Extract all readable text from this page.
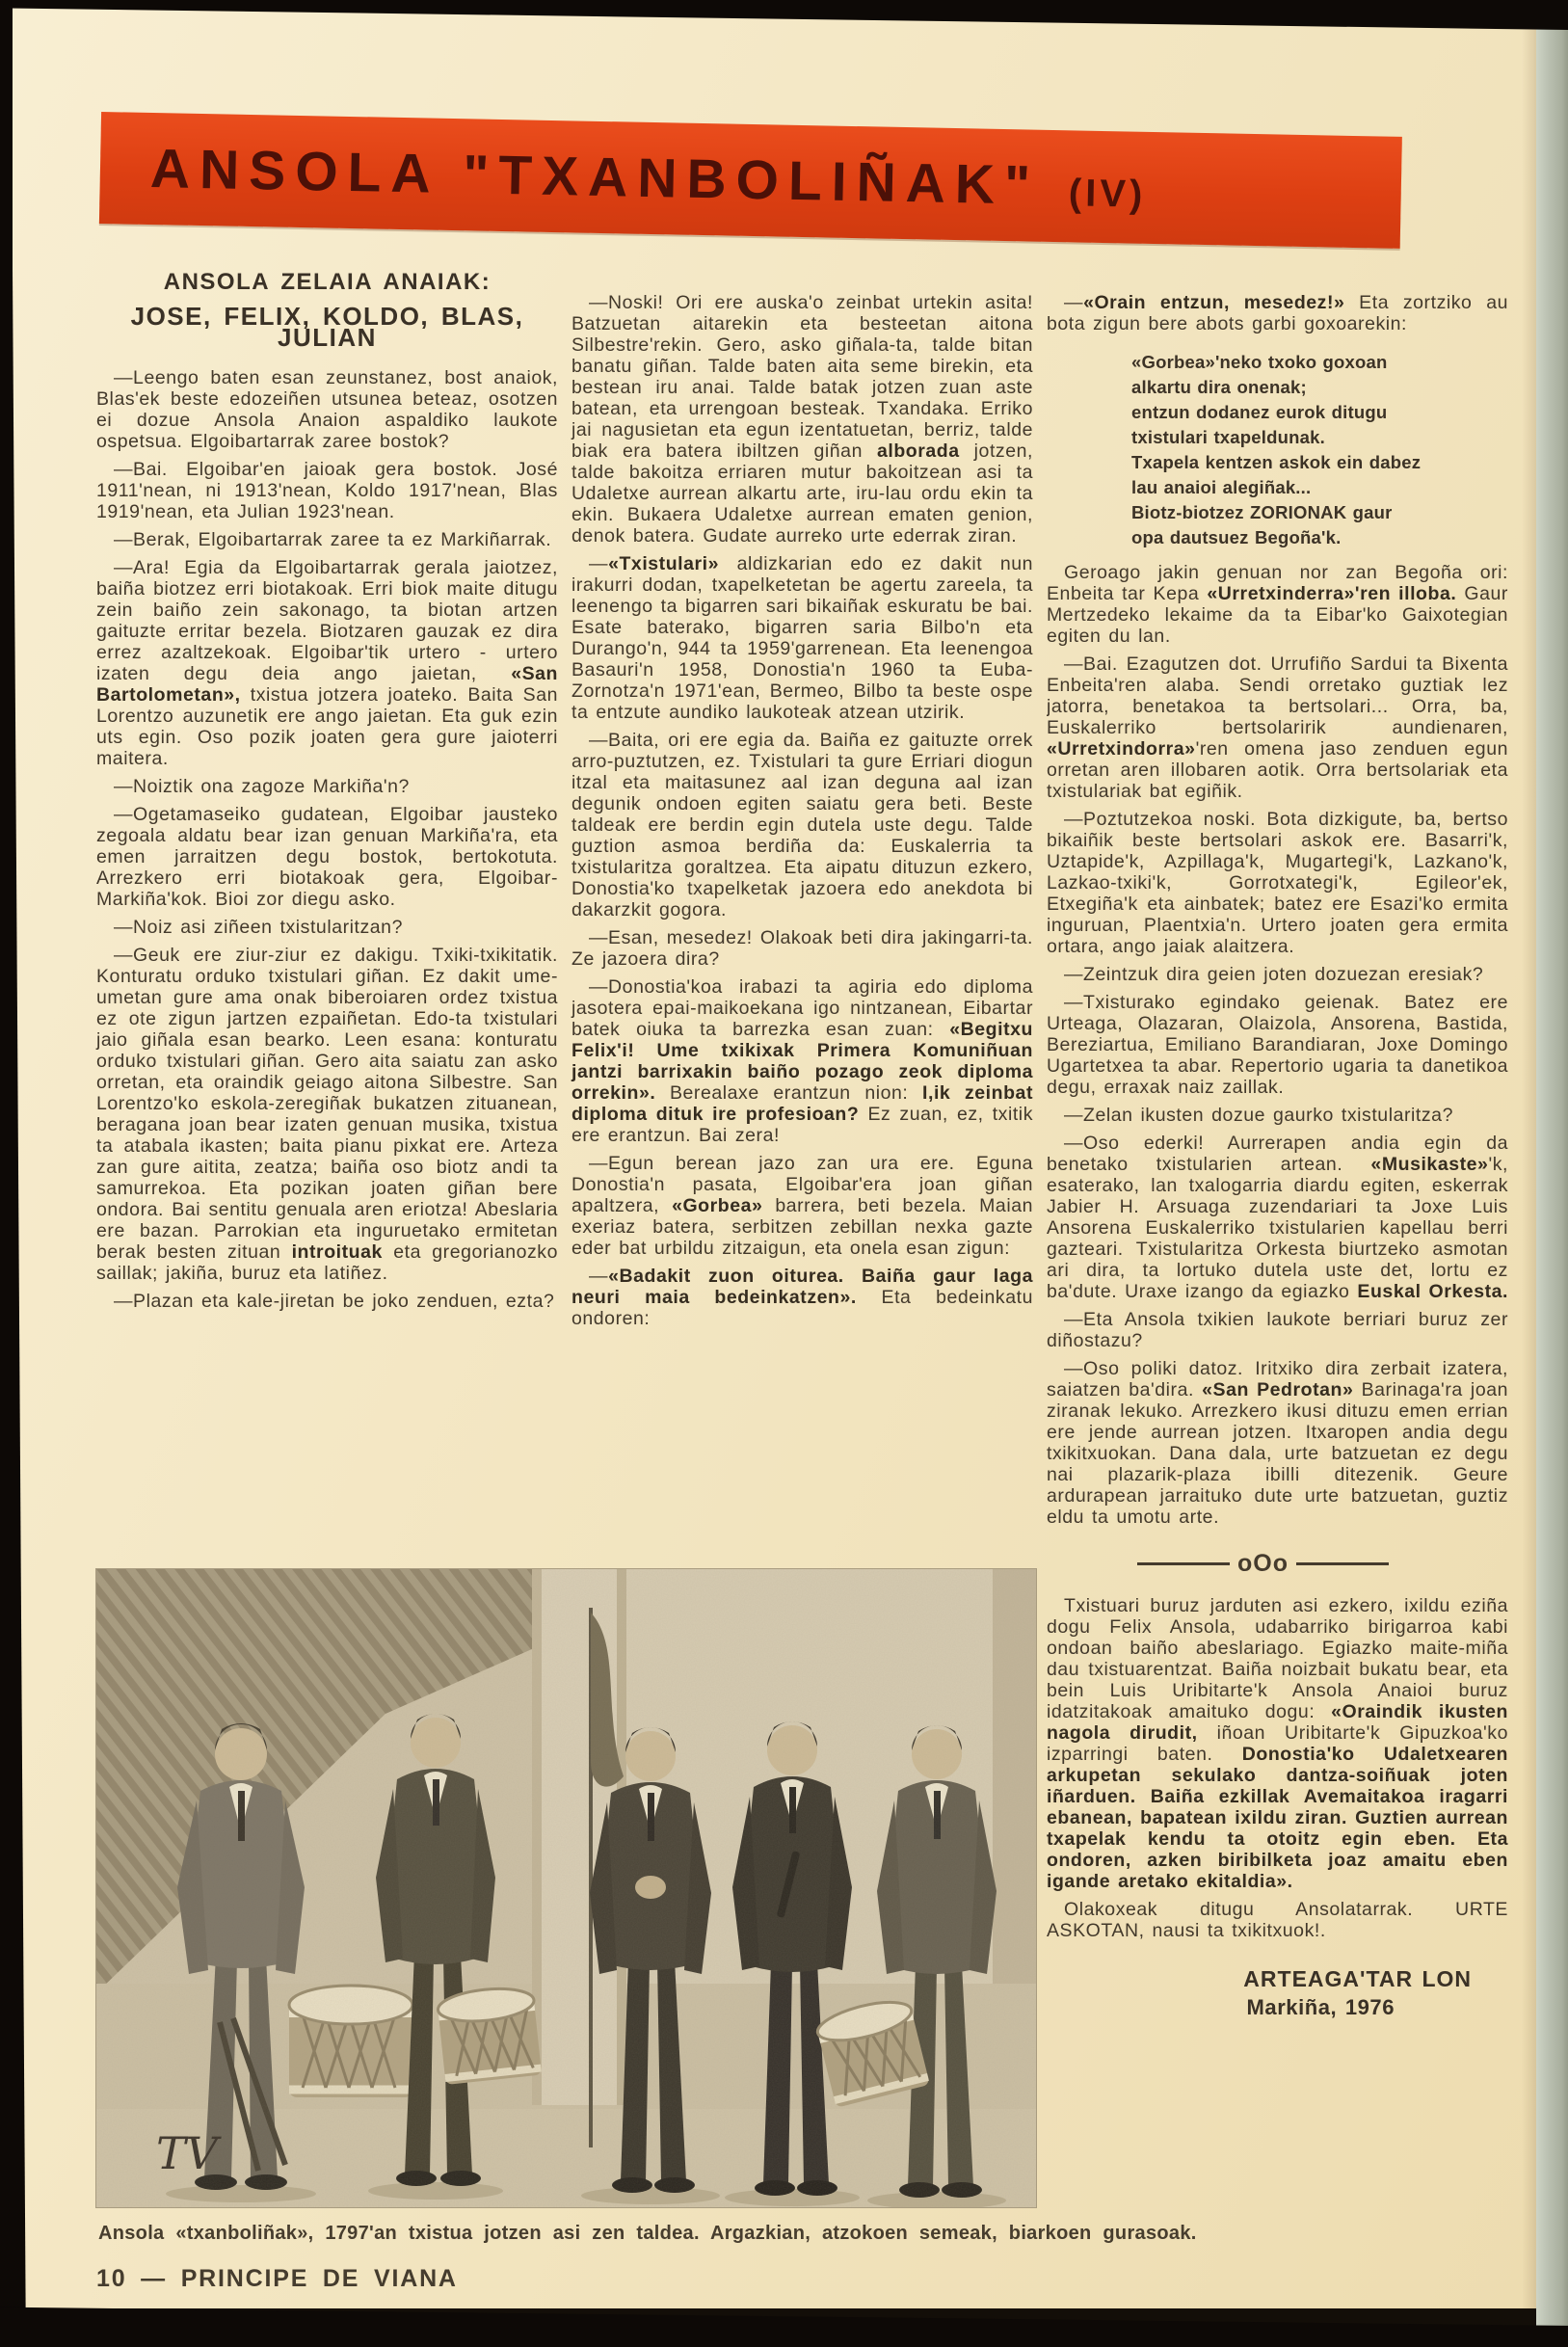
ANSOLA "TXANBOLIÑAK" (IV)
ANSOLA ZELAIA ANAIAK:
JOSE, FELIX, KOLDO, BLAS, JULIAN

—Leengo baten esan zeunstanez, bost anaiok, Blas'ek beste edozeiñen utsunea beteaz, osotzen ei dozue Ansola Anaion aspaldiko laukote ospetsua. Elgoibartarrak zaree bostok?

—Bai. Elgoibar'en jaioak gera bostok. José 1911'nean, ni 1913'nean, Koldo 1917'nean, Blas 1919'nean, eta Julian 1923'nean.

—Berak, Elgoibartarrak zaree ta ez Markiñarrak.

—Ara! Egia da Elgoibartarrak gerala jaiotzez, baiña biotzez erri biotakoak. Erri biok maite ditugu zein baiño zein sakonago, ta biotan artzen gaituzte erritar bezela. Biotzaren gauzak ez dira errez azaltzekoak. Elgoibar'tik urtero - urtero izaten degu deia ango jaietan, «San Bartolometan», txistua jotzera joateko. Baita San Lorentzo auzunetik ere ango jaietan. Eta guk ezin uts egin. Oso pozik joaten gera gure jaioterri maitera.

—Noiztik ona zagoze Markiña'n?

—Ogetamaseiko gudatean, Elgoibar jausteko zegoala aldatu bear izan genuan Markiña'ra, eta emen jarraitzen degu bostok, bertokotuta. Arrezkero erri biotakoak gera, Elgoibar-Markiña'kok. Bioi zor diegu asko.

—Noiz asi ziñeen txistularitzan?

—Geuk ere ziur-ziur ez dakigu. Txiki-txikitatik. Konturatu orduko txistulari giñan. Ez dakit ume-umetan gure ama onak biberoiaren ordez txistua ez ote zigun jartzen ezpaiñetan. Edo-ta txistulari jaio giñala esan bearko. Leen esana: konturatu orduko txistulari giñan. Gero aita saiatu zan asko orretan, eta oraindik geiago aitona Silbestre. San Lorentzo'ko eskola-zeregiñak bukatzen zituanean, beragana joan bear izaten genuan musika, txistua ta atabala ikasten; baita pianu pixkat ere. Arteza zan gure aitita, zeatza; baiña oso biotz andi ta samurrekoa. Eta pozikan joaten giñan bere ondora. Bai sentitu genuala aren eriotza! Abeslaria ere bazan. Parrokian eta inguruetako ermitetan berak besten zituan introituak eta gregorianozko saillak; jakiña, buruz eta latiñez.

—Plazan eta kale-jiretan be joko zenduen, ezta?

—Noski! Ori ere auska'o zeinbat urtekin asita! Batzuetan aitarekin eta besteetan aitona Silbestre'rekin. Gero, asko giñala-ta, talde bitan banatu giñan. Talde baten aita seme birekin, eta bestean iru anai. Talde batak jotzen zuan aste batean, eta urrengoan besteak. Txandaka. Erriko jai nagusietan eta egun izentatuetan, berriz, talde biak era batera ibiltzen giñan alborada jotzen, talde bakoitza erriaren mutur bakoitzean asi ta Udaletxe aurrean alkartu arte, iru-lau ordu ekin ta ekin. Bukaera Udaletxe aurrean ematen genion, denok batera. Gudate aurreko urte ederrak ziran.

—«Txistulari» aldizkarian edo ez dakit nun irakurri dodan, txapelketetan be agertu zareela, ta leenengo ta bigarren sari bikaiñak eskuratu be bai. Esate baterako, bigarren saria Bilbo'n eta Durango'n, 944 ta 1959'garrenean. Eta leenengoa Basauri'n 1958, Donostia'n 1960 ta Euba-Zornotza'n 1971'ean, Bermeo, Bilbo ta beste ospe ta entzute aundiko laukoteak atzean utzirik.

—Baita, ori ere egia da. Baiña ez gaituzte orrek arro-puztutzen, ez. Txistulari ta gure Erriari diogun itzal eta maitasunez aal izan deguna aal izan degunik ondoen egiten saiatu gera beti. Beste taldeak ere berdin egin dutela uste degu. Talde guztion asmoa berdiña da: Euskalerria ta txistularitza goraltzea. Eta aipatu dituzun ezkero, Donostia'ko txapelketak jazoera edo anekdota bi dakarzkit gogora.

—Esan, mesedez! Olakoak beti dira jakingarri-ta. Ze jazoera dira?

—Donostia'koa irabazi ta agiria edo diploma jasotera epai-maikoekana igo nintzanean, Eibartar batek oiuka ta barrezka esan zuan: «Begitxu Felix'i! Ume txikixak Primera Komuniñuan jantzi barrixakin baiño pozago zeok diploma orrekin». Berealaxe erantzun nion: I,ik zeinbat diploma dituk ire profesioan? Ez zuan, ez, txitik ere erantzun. Bai zera!

—Egun berean jazo zan ura ere. Eguna Donostia'n pasata, Elgoibar'era joan giñan apaltzera, «Gorbea» barrera, beti bezela. Maian exeriaz batera, serbitzen zebillan nexka gazte eder bat urbildu zitzaigun, eta onela esan zigun:

—«Badakit zuon oiturea. Baiña gaur laga neuri maia bedeinkatzen». Eta bedeinkatu ondoren:

—«Orain entzun, mesedez!» Eta zortziko au bota zigun bere abots garbi goxoarekin:

«Gorbea»'neko txoko goxoan
alkartu dira onenak;
entzun dodanez eurok ditugu
txistulari txapeldunak.
Txapela kentzen askok ein dabez
lau anaioi alegiñak...
Biotz-biotzez ZORIONAK gaur
opa dautsuez Begoña'k.

Geroago jakin genuan nor zan Begoña ori: Enbeita tar Kepa «Urretxinderra»'ren illoba. Gaur Mertzedeko lekaime da ta Eibar'ko Gaixotegian egiten du lan.

—Bai. Ezagutzen dot. Urrufiño Sardui ta Bixenta Enbeita'ren alaba. Sendi orretako guztiak lez jatorra, benetakoa ta bertsolari... Orra, ba, Euskalerriko bertsolaririk aundienaren, «Urretxindorra»'ren omena jaso zenduen egun orretan aren illobaren aotik. Orra bertsolariak eta txistulariak bat egiñik.

—Poztutzekoa noski. Bota dizkigute, ba, bertso bikaiñik beste bertsolari askok ere. Basarri'k, Uztapide'k, Azpillaga'k, Mugartegi'k, Lazkano'k, Lazkao-txiki'k, Gorrotxategi'k, Egileor'ek, Etxegiña'k eta ainbatek; batez ere Esazi'ko ermita inguruan, Plaentxia'n. Urtero joaten gera ermita ortara, ango jaiak alaitzera.

—Zeintzuk dira geien joten dozuezan eresiak?

—Txisturako egindako geienak. Batez ere Urteaga, Olazaran, Olaizola, Ansorena, Bastida, Bereziartua, Emiliano Barandiaran, Joxe Domingo Ugartetxea ta abar. Repertorio ugaria ta danetikoa degu, erraxak naiz zaillak.

—Zelan ikusten dozue gaurko txistularitza?

—Oso ederki! Aurrerapen andia egin da benetako txistularien artean. «Musikaste»'k, esaterako, lan txalogarria diardu egiten, eskerrak Jabier H. Arsuaga zuzendariari ta Joxe Luis Ansorena Euskalerriko txistularien kapellau berri gazteari. Txistularitza Orkesta biurtzeko asmotan ari dira, ta lortuko dutela uste det, lortu ez ba'dute. Uraxe izango da egiazko Euskal Orkesta.

—Eta Ansola txikien laukote berriari buruz zer diñostazu?

—Oso poliki datoz. Iritxiko dira zerbait izatera, saiatzen ba'dira. «San Pedrotan» Barinaga'ra joan ziranak lekuko. Arrezkero ikusi dituzu emen errian ere jende aurrean jotzen. Itxaropen andia degu txikitxuokan. Dana dala, urte batzuetan ez degu nai plazarik-plaza ibilli ditezenik. Geure ardurapean jarraituko dute urte batzuetan, guztiz eldu ta umotu arte.

oOo

Txistuari buruz jarduten asi ezkero, ixildu eziña dogu Felix Ansola, udabarriko birigarroa kabi ondoan baiño abeslariago. Egiazko maite-miña dau txistuarentzat. Baiña noizbait bukatu bear, eta bein Luis Uribitarte'k Ansola Anaioi buruz idatzitakoak amaituko dogu: «Oraindik ikusten nagola dirudit, iñoan Uribitarte'k Gipuzkoa'ko izparringi baten. Donostia'ko Udaletxearen arkupetan sekulako dantza-soiñuak joten iñarduen. Baiña ezkillak Avemaitakoa iragarri ebanean, bapatean ixildu ziran. Guztien aurrean txapelak kendu ta otoitz egin eben. Eta ondoren, azken biribilketa joaz amaitu eben igande aretako ekitaldia».

Olakoxeak ditugu Ansolatarrak. URTE ASKOTAN, nausi ta txikitxuok!.

ARTEAGA'TAR LON
Markiña, 1976
Ansola «txanboliñak», 1797'an txistua jotzen asi zen taldea. Argazkian, atzokoen semeak, biarkoen gurasoak.
10 — PRINCIPE DE VIANA
